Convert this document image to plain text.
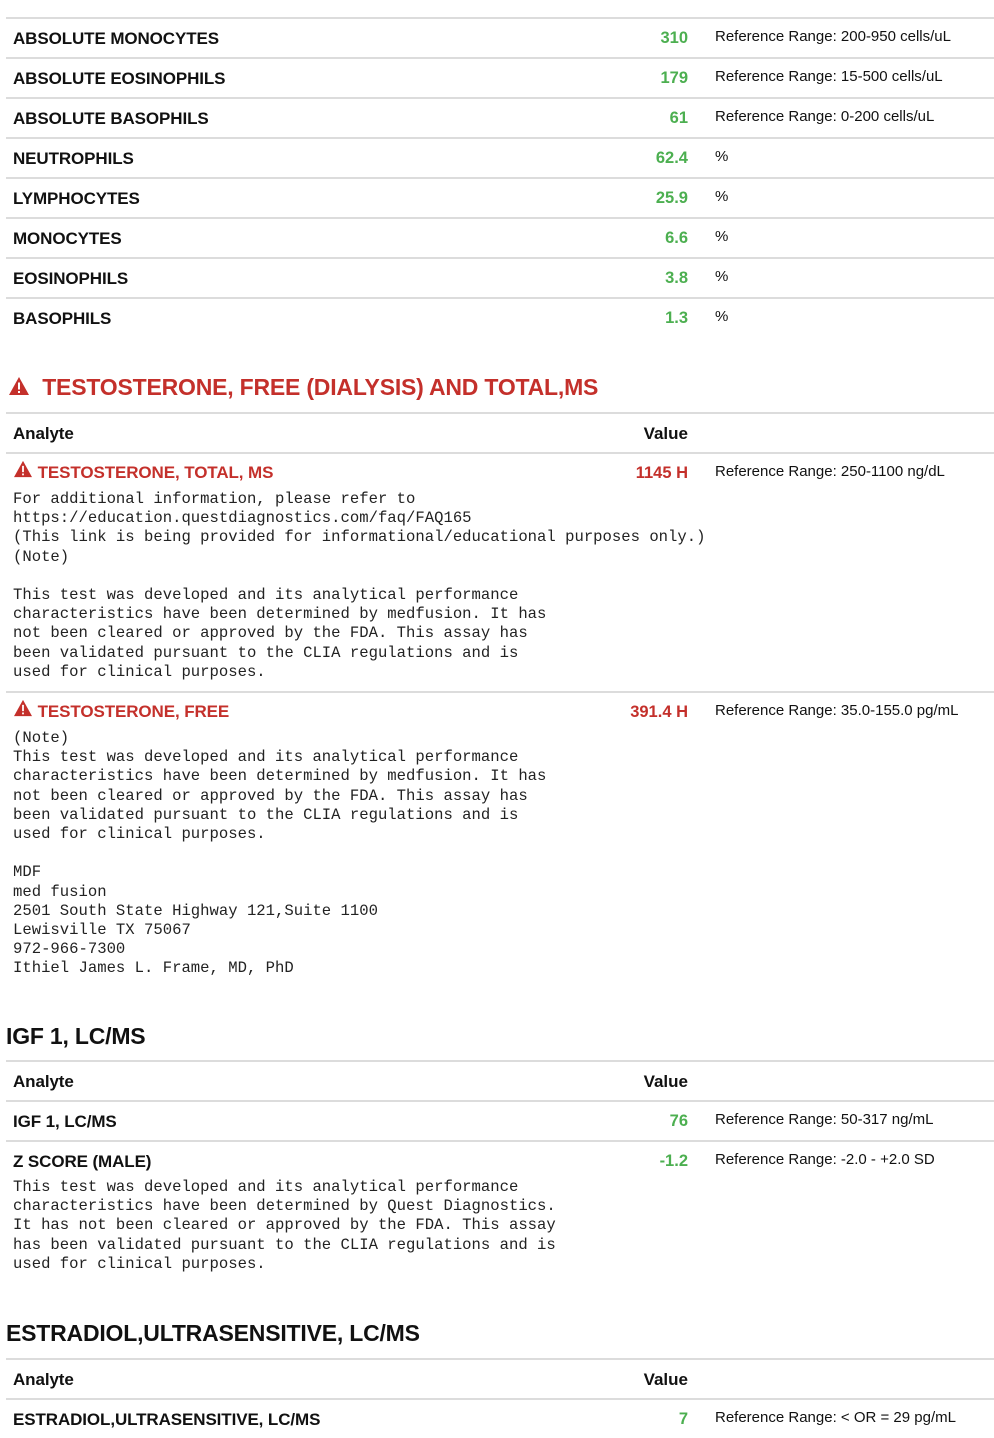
ABSOLUTE MONOCYTES	310 Reference Range: 200-950 cells/uL
ABSOLUTE EOSINOPHILS	179 Reference Range: 15-500 cells/uL
ABSOLUTE BASOPHILS	61 Reference Range: 0-200 cells/uL
NEUTROPHILS	62.4 %
LYMPHOCYTES	25.9 %
MONOCYTES	6.6 %
EOSINOPHILS	3.8 %
BASOPHILS	1.3 %
TESTOSTERONE, FREE (DIALYSIS) AND TOTAL,MS
Analyte	Value
TESTOSTERONE, TOTAL, MS	1145 H Reference Range: 250-1100 ng/dL
For additional information, please refer to
https://education.questdiagnostics.com/faq/FAQ165
(This link is being provided for informational/educational purposes only.)
(Note)

This test was developed and its analytical performance
characteristics have been determined by medfusion. It has
not been cleared or approved by the FDA. This assay has
been validated pursuant to the CLIA regulations and is
used for clinical purposes.
TESTOSTERONE, FREE	391.4 H Reference Range: 35.0-155.0 pg/mL
(Note)
This test was developed and its analytical performance
characteristics have been determined by medfusion. It has
not been cleared or approved by the FDA. This assay has
been validated pursuant to the CLIA regulations and is
used for clinical purposes.

MDF
med fusion
2501 South State Highway 121,Suite 1100
Lewisville TX 75067
972-966-7300
Ithiel James L. Frame, MD, PhD
IGF 1, LC/MS
Analyte	Value
IGF 1, LC/MS	76 Reference Range: 50-317 ng/mL
Z SCORE (MALE)	-1.2 Reference Range: -2.0 - +2.0 SD
This test was developed and its analytical performance
characteristics have been determined by Quest Diagnostics.
It has not been cleared or approved by the FDA. This assay
has been validated pursuant to the CLIA regulations and is
used for clinical purposes.
ESTRADIOL,ULTRASENSITIVE, LC/MS
Analyte	Value
ESTRADIOL,ULTRASENSITIVE, LC/MS	7 Reference Range: < OR = 29 pg/mL
